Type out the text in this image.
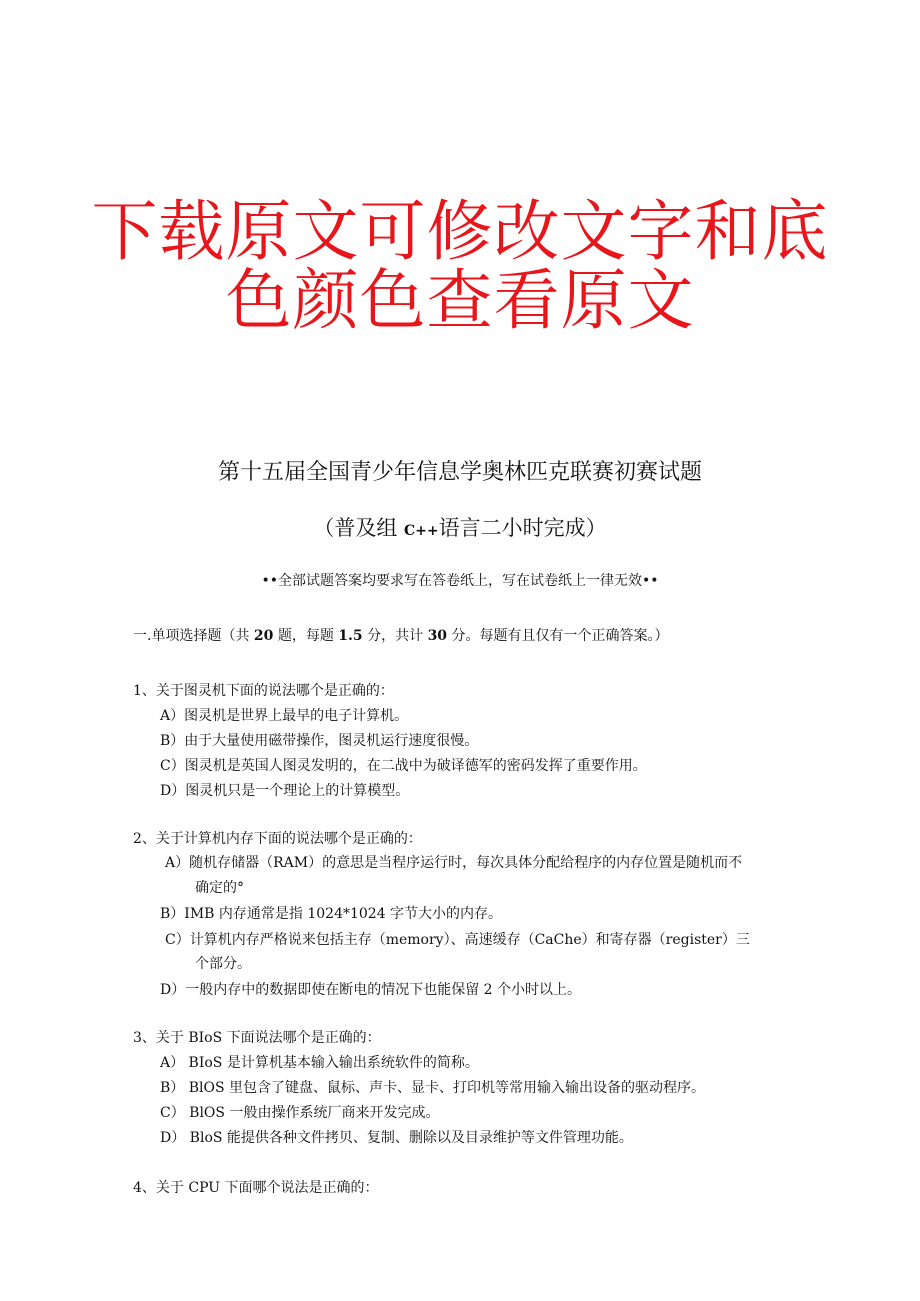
下载原文可修改文字和底
色颜色查看原文
第十五届全国青少年信息学奥林匹克联赛初赛试题
（普及组 C++语言二小时完成）
••全部试题答案均要求写在答卷纸上，写在试卷纸上一律无效••
一.单项选择题（共 20 题，每题 1.5 分，共计 30 分。每题有且仅有一个正确答案。）
1、关于图灵机下面的说法哪个是正确的：
A）图灵机是世界上最早的电子计算机。
B）由于大量使用磁带操作，图灵机运行速度很慢。
C）图灵机是英国人图灵发明的，在二战中为破译德军的密码发挥了重要作用。
D）图灵机只是一个理论上的计算模型。
2、关于计算机内存下面的说法哪个是正确的：
A）随机存储器（RAM）的意思是当程序运行时，每次具体分配给程序的内存位置是随机而不
确定的°
B）IMB 内存通常是指 1024*1024 字节大小的内存。
C）计算机内存严格说来包括主存（memory）、高速缓存（CaChe）和寄存器（register）三
个部分。
D）一般内存中的数据即使在断电的情况下也能保留 2 个小时以上。
3、关于 BIoS 下面说法哪个是正确的：
A） BIoS 是计算机基本输入输出系统软件的简称。
B） BlOS 里包含了键盘、鼠标、声卡、显卡、打印机等常用输入输出设备的驱动程序。
C） BlOS 一般由操作系统厂商来开发完成。
D） BloS 能提供各种文件拷贝、复制、删除以及目录维护等文件管理功能。
4、关于 CPU 下面哪个说法是正确的：
